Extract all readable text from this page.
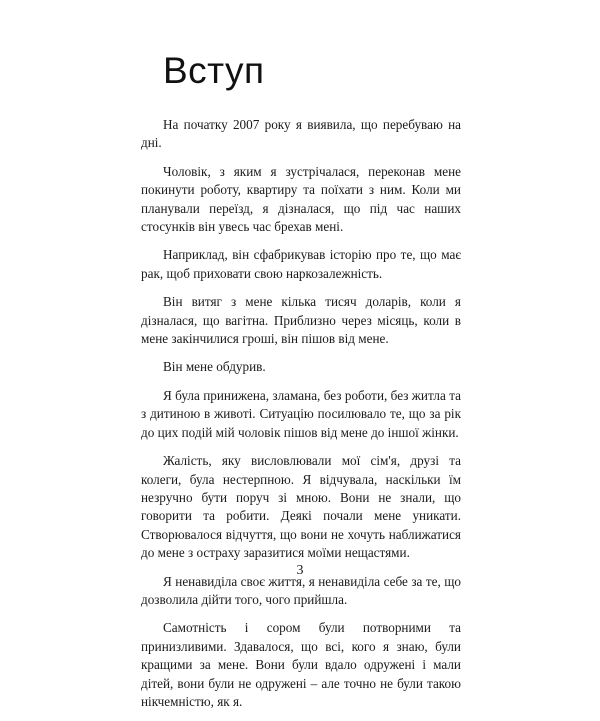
Вступ

На початку 2007 року я виявила, що перебуваю на дні.

Чоловік, з яким я зустрічалася, переконав мене покинути роботу, квартиру та поїхати з ним. Коли ми планували переїзд, я дізналася, що під час наших стосунків він увесь час брехав мені.

Наприклад, він сфабрикував історію про те, що має рак, щоб приховати свою наркозалежність.

Він витяг з мене кілька тисяч доларів, коли я дізналася, що вагітна. Приблизно через місяць, коли в мене закінчилися гроші, він пішов від мене.

Він мене обдурив.

Я була принижена, зламана, без роботи, без житла та з дитиною в животі. Ситуацію посилювало те, що за рік до цих подій мій чоловік пішов від мене до іншої жінки.

Жалість, яку висловлювали мої сім'я, друзі та колеги, була нестерпною. Я відчувала, наскільки їм незручно бути поруч зі мною. Вони не знали, що говорити та робити. Деякі почали мене уникати. Створювалося відчуття, що вони не хочуть наближатися до мене з остраху заразитися моїми нещастями.

Я ненавиділа своє життя, я ненавиділа себе за те, що дозволила дійти того, чого прийшла.

Самотність і сором були потворними та принизливими. Здавалося, що всі, кого я знаю, були кращими за мене. Вони були вдало одружені і мали дітей, вони були не одружені – але точно не були такою нікчемністю, як я.

3
